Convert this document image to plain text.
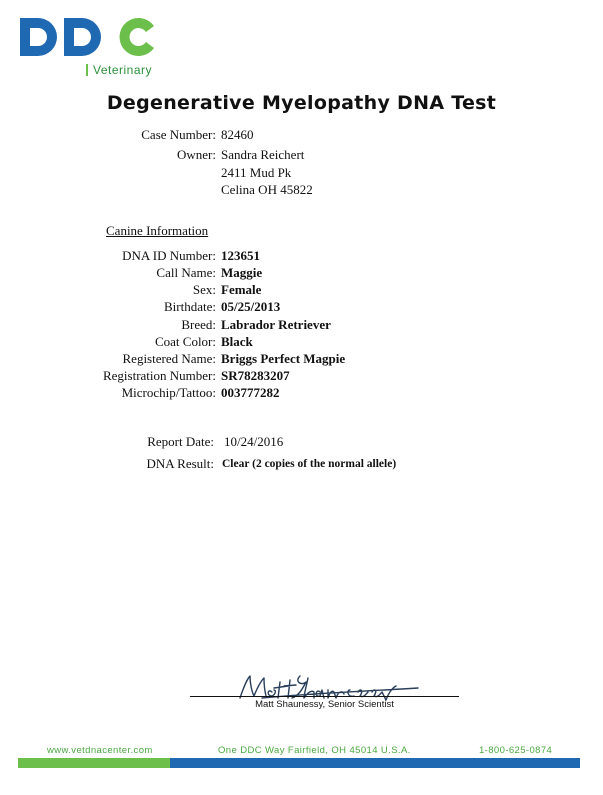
Veterinary
Degenerative Myelopathy DNA Test
Case Number: 82460
Owner: Sandra Reichert
2411 Mud Pk
Celina OH 45822
Canine Information
DNA ID Number: 123651
Call Name: Maggie
Sex: Female
Birthdate: 05/25/2013
Breed: Labrador Retriever
Coat Color: Black
Registered Name: Briggs Perfect Magpie
Registration Number: SR78283207
Microchip/Tattoo: 003777282
Report Date: 10/24/2016
DNA Result: Clear (2 copies of the normal allele)
Matt Shaunessy, Senior Scientist
www.vetdnacenter.com	One DDC Way Fairfield, OH 45014 U.S.A.	1-800-625-0874
